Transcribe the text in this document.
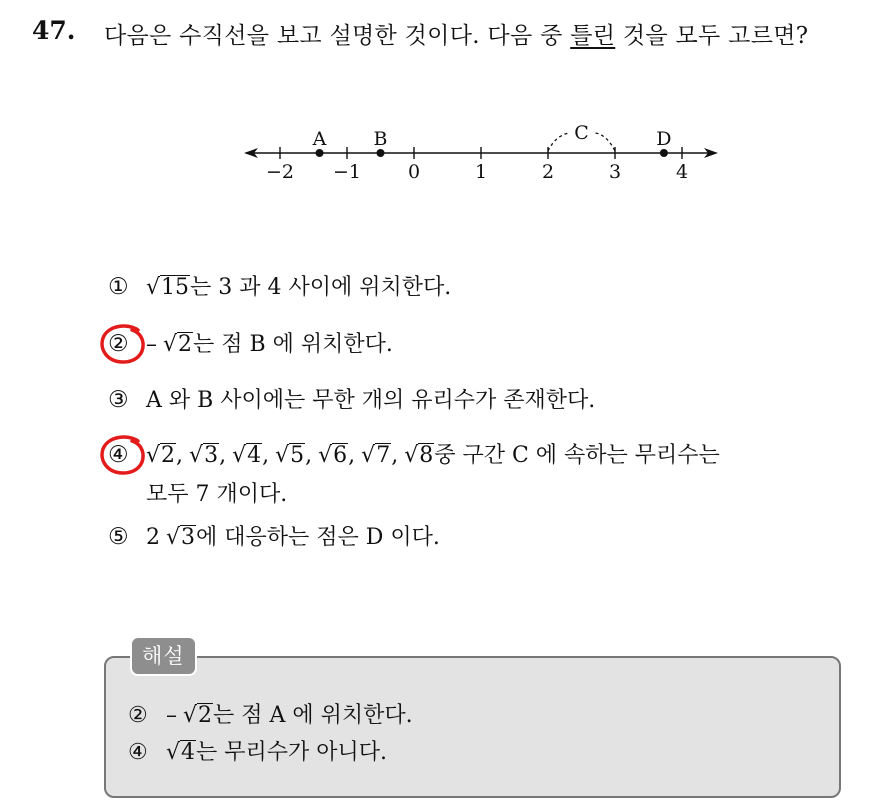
47. 다음은 수직선을 보고 설명한 것이다. 다음 중 틀린 것을 모두 고르면?
−2 −1 0	1	2	3	4
A B	D
C
① √ 15 는 3 과 4 사이에 위치한다.
② – √ 2 는 점 B 에 위치한다.
③ A 와 B 사이에는 무한 개의 유리수가 존재한다.
④ √ 2 , √ 3 , √ 4 , √ 5 , √ 6 , √ 7 , √ 8 중 구간 C 에 속하는 무리수는
모두 7 개이다.
⑤ 2 √ 3 에 대응하는 점은 D 이다.
해설
② – √ 2 는 점 A 에 위치한다.
④ √ 4 는 무리수가 아니다.
